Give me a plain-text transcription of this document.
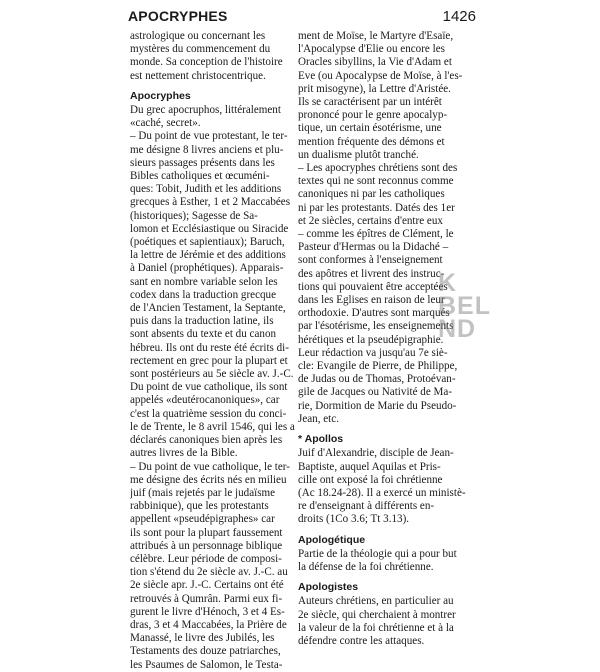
APOCRYPHES	1426
astrologique ou concernant les
mystères du commencement du
monde. Sa conception de l'histoire
est nettement christocentrique.
Apocryphes
Du grec apocruphos, littéralement
«caché, secret».
– Du point de vue protestant, le ter-
me désigne 8 livres anciens et plu-
sieurs passages présents dans les
Bibles catholiques et œcuméni-
ques: Tobit, Judith et les additions
grecques à Esther, 1 et 2 Maccabées
(historiques); Sagesse de Sa-
lomon et Ecclésiastique ou Siracide
(poétiques et sapientiaux); Baruch,
la lettre de Jérémie et des additions
à Daniel (prophétiques). Apparais-
sant en nombre variable selon les
codex dans la traduction grecque
de l'Ancien Testament, la Septante,
puis dans la traduction latine, ils
sont absents du texte et du canon
hébreu. Ils ont du reste été écrits di-
rectement en grec pour la plupart et
sont postérieurs au 5e siècle av. J.-C.
Du point de vue catholique, ils sont
appelés «deutérocanoniques», car
c'est la quatrième session du conci-
le de Trente, le 8 avril 1546, qui les a
déclarés canoniques bien après les
autres livres de la Bible.
– Du point de vue catholique, le ter-
me désigne des écrits nés en milieu
juif (mais rejetés par le judaïsme
rabbinique), que les protestants
appellent «pseudépigraphes» car
ils sont pour la plupart faussement
attribués à un personnage biblique
célèbre. Leur période de composi-
tion s'étend du 2e siècle av. J.-C. au
2e siècle apr. J.-C. Certains ont été
retrouvés à Qumrân. Parmi eux fi-
gurent le livre d'Hénoch, 3 et 4 Es-
dras, 3 et 4 Maccabées, la Prière de
Manassé, le livre des Jubilés, les
Testaments des douze patriarches,
les Psaumes de Salomon, le Testa-
ment de Moïse, le Martyre d'Esaïe,
l'Apocalypse d'Elie ou encore les
Oracles sibyllins, la Vie d'Adam et
Eve (ou Apocalypse de Moïse, à l'es-
prit misogyne), la Lettre d'Aristée.
Ils se caractérisent par un intérêt
prononcé pour le genre apocalyp-
tique, un certain ésotérisme, une
mention fréquente des démons et
un dualisme plutôt tranché.
– Les apocryphes chrétiens sont des
textes qui ne sont reconnus comme
canoniques ni par les catholiques
ni par les protestants. Datés des 1er
et 2e siècles, certains d'entre eux
– comme les épîtres de Clément, le
Pasteur d'Hermas ou la Didaché –
sont conformes à l'enseignement
des apôtres et livrent des instruc-
tions qui pouvaient être acceptées
dans les Eglises en raison de leur
orthodoxie. D'autres sont marqués
par l'ésotérisme, les enseignements
hérétiques et la pseudépigraphie.
Leur rédaction va jusqu'au 7e siè-
cle: Evangile de Pierre, de Philippe,
de Judas ou de Thomas, Protoévan-
gile de Jacques ou Nativité de Ma-
rie, Dormition de Marie du Pseudo-
Jean, etc.
* Apollos
Juif d'Alexandrie, disciple de Jean-
Baptiste, auquel Aquilas et Pris-
cille ont exposé la foi chrétienne
(Ac 18.24-28). Il a exercé un ministè-
re d'enseignant à différents en-
droits (1Co 3.6; Tt 3.13).
Apologétique
Partie de la théologie qui a pour but
la défense de la foi chrétienne.
Apologistes
Auteurs chrétiens, en particulier au
2e siècle, qui cherchaient à montrer
la valeur de la foi chrétienne et à la
défendre contre les attaques.
K
BEL
ND
